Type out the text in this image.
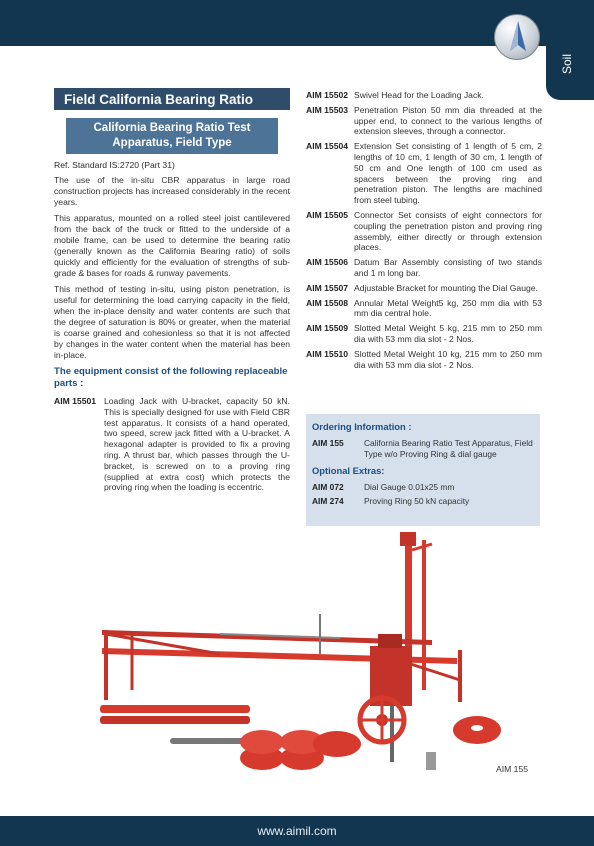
Soil
Field California Bearing Ratio
California Bearing Ratio Test
Apparatus, Field Type
Ref. Standard IS:2720 (Part 31)

The use of the in-situ CBR apparatus in large road construction projects has increased considerably in the recent years.

This apparatus, mounted on a rolled steel joist cantilevered from the back of the truck or fitted to the underside of a mobile frame, can be used to determine the bearing ratio (generally known as the California Bearing ratio) of soils quickly and efficiently for the evaluation of strengths of sub-grade & bases for roads & runway pavements.

This method of testing in-situ, using piston penetration, is useful for determining the load carrying capacity in the field, when the in-place density and water contents are such that the degree of saturation is 80% or greater, when the material is coarse grained and cohesionless so that it is not affected by changes in the water content when the material has been in-place.

The equipment consist of the following replaceable parts :
AIM 15501 Loading Jack with U-bracket, capacity 50 kN. This is specially designed for use with Field CBR test apparatus. It consists of a hand operated, two speed, screw jack fitted with a U-bracket. A hexagonal adapter is provided to fix a proving ring. A thrust bar, which passes through the U-bracket, is screwed on to a proving ring (supplied at extra cost) which protects the proving ring when the loading is eccentric.
AIM 15502 Swivel Head for the Loading Jack.
AIM 15503 Penetration Piston 50 mm dia threaded at the upper end, to connect to the various lengths of extension sleeves, through a connector.
AIM 15504 Extension Set consisting of 1 length of 5 cm, 2 lengths of 10 cm, 1 length of 30 cm, 1 length of 50 cm and One length of 100 cm used as spacers between the proving ring and penetration piston. The lengths are machined from steel tubing.
AIM 15505 Connector Set consists of eight connectors for coupling the penetration piston and proving ring assembly, either directly or through extension places.
AIM 15506 Datum Bar Assembly consisting of two stands and 1 m long bar.
AIM 15507 Adjustable Bracket for mounting the Dial Gauge.
AIM 15508 Annular Metal Weight5 kg, 250 mm dia with 53 mm dia central hole.
AIM 15509 Slotted Metal Weight 5 kg, 215 mm to 250 mm dia with 53 mm dia slot - 2 Nos.
AIM 15510 Slotted Metal Weight 10 kg, 215 mm to 250 mm dia with 53 mm dia slot - 2 Nos.
Ordering Information :
AIM 155	California Bearing Ratio Test Apparatus, Field Type w/o Proving Ring & dial gauge
Optional Extras:
AIM 072	Dial Gauge 0.01x25 mm
AIM 274	Proving Ring 50 kN capacity
AIM 155
www.aimil.com
